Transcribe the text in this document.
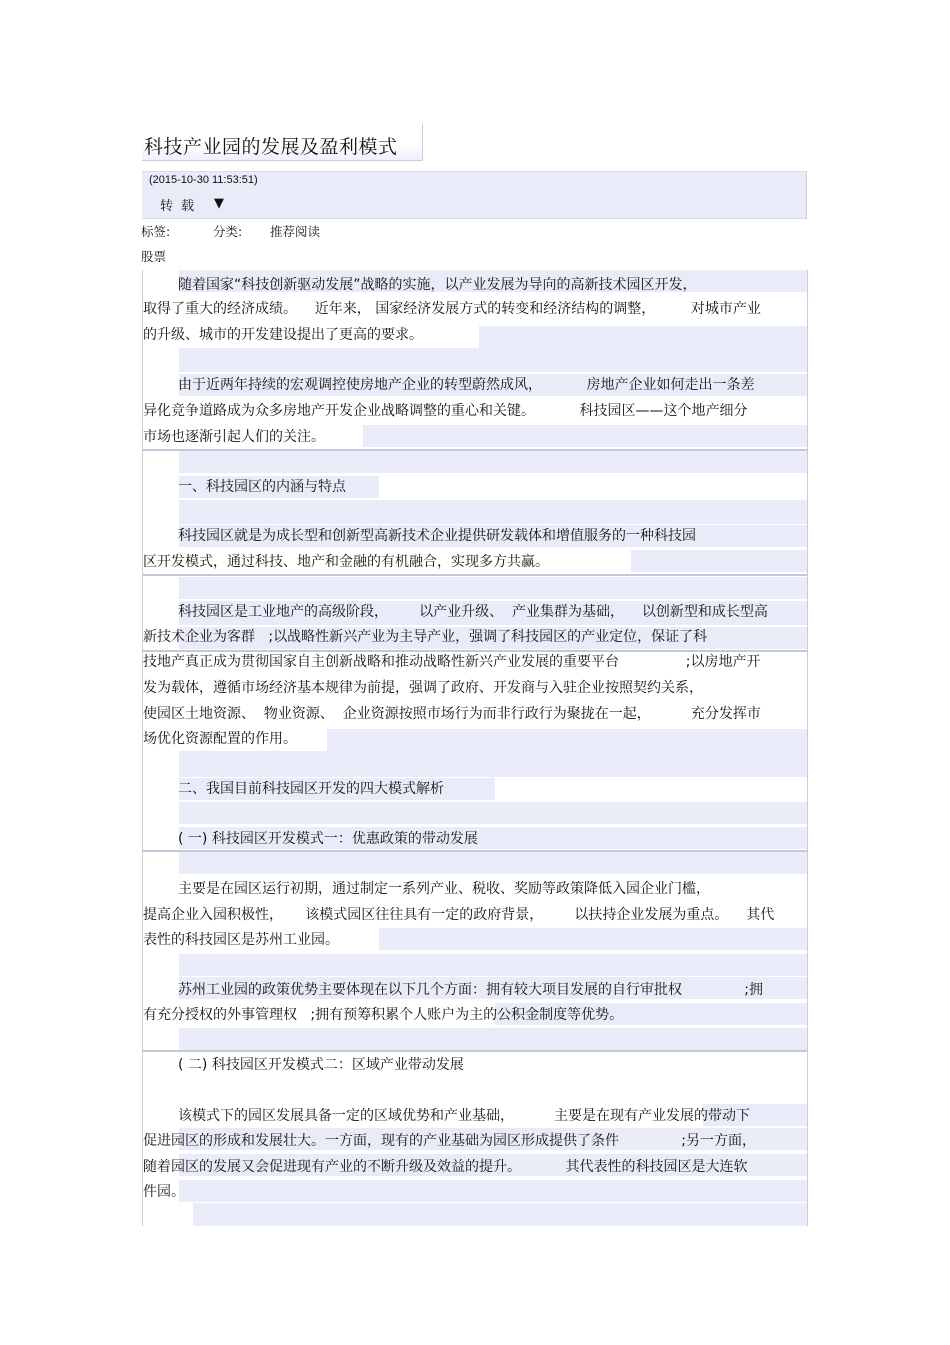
科技产业园的发展及盈利模式
(2015-10-30 11:53:51)
转载 ▼
标签:	分类: 推荐阅读
股票
随着国家“科技创新驱动发展”战略的实施，以产业发展为导向的高新技术园区开发，
取得了重大的经济成绩。    近年来， 国家经济发展方式的转变和经济结构的调整，        对城市产业
的升级、城市的开发建设提出了更高的要求。
由于近两年持续的宏观调控使房地产企业的转型蔚然成风，          房地产企业如何走出一条差
异化竞争道路成为众多房地产开发企业战略调整的重心和关键。          科技园区——这个地产细分
市场也逐渐引起人们的关注。
一、科技园区的内涵与特点
科技园区就是为成长型和创新型高新技术企业提供研发载体和增值服务的一种科技园
区开发模式，通过科技、地产和金融的有机融合，实现多方共赢。
科技园区是工业地产的高级阶段，       以产业升级、  产业集群为基础，    以创新型和成长型高
新技术企业为客群   ;以战略性新兴产业为主导产业，强调了科技园区的产业定位，保证了科
技地产真正成为贯彻国家自主创新战略和推动战略性新兴产业发展的重要平台               ;以房地产开
发为载体，遵循市场经济基本规律为前提，强调了政府、开发商与入驻企业按照契约关系，
使园区土地资源、  物业资源、  企业资源按照市场行为而非行政行为聚拢在一起，         充分发挥市
场优化资源配置的作用。
二、我国目前科技园区开发的四大模式解析
( 一) 科技园区开发模式一：优惠政策的带动发展
主要是在园区运行初期，通过制定一系列产业、税收、奖励等政策降低入园企业门槛，
提高企业入园积极性，     该模式园区往往具有一定的政府背景，       以扶持企业发展为重点。    其代
表性的科技园区是苏州工业园。
苏州工业园的政策优势主要体现在以下几个方面：拥有较大项目发展的自行审批权              ;拥
有充分授权的外事管理权   ;拥有预筹积累个人账户为主的公积金制度等优势。
( 二) 科技园区开发模式二：区域产业带动发展
该模式下的园区发展具备一定的区域优势和产业基础，         主要是在现有产业发展的带动下
促进园区的形成和发展壮大。一方面，现有的产业基础为园区形成提供了条件              ;另一方面，
随着园区的发展又会促进现有产业的不断升级及效益的提升。          其代表性的科技园区是大连软
件园。
